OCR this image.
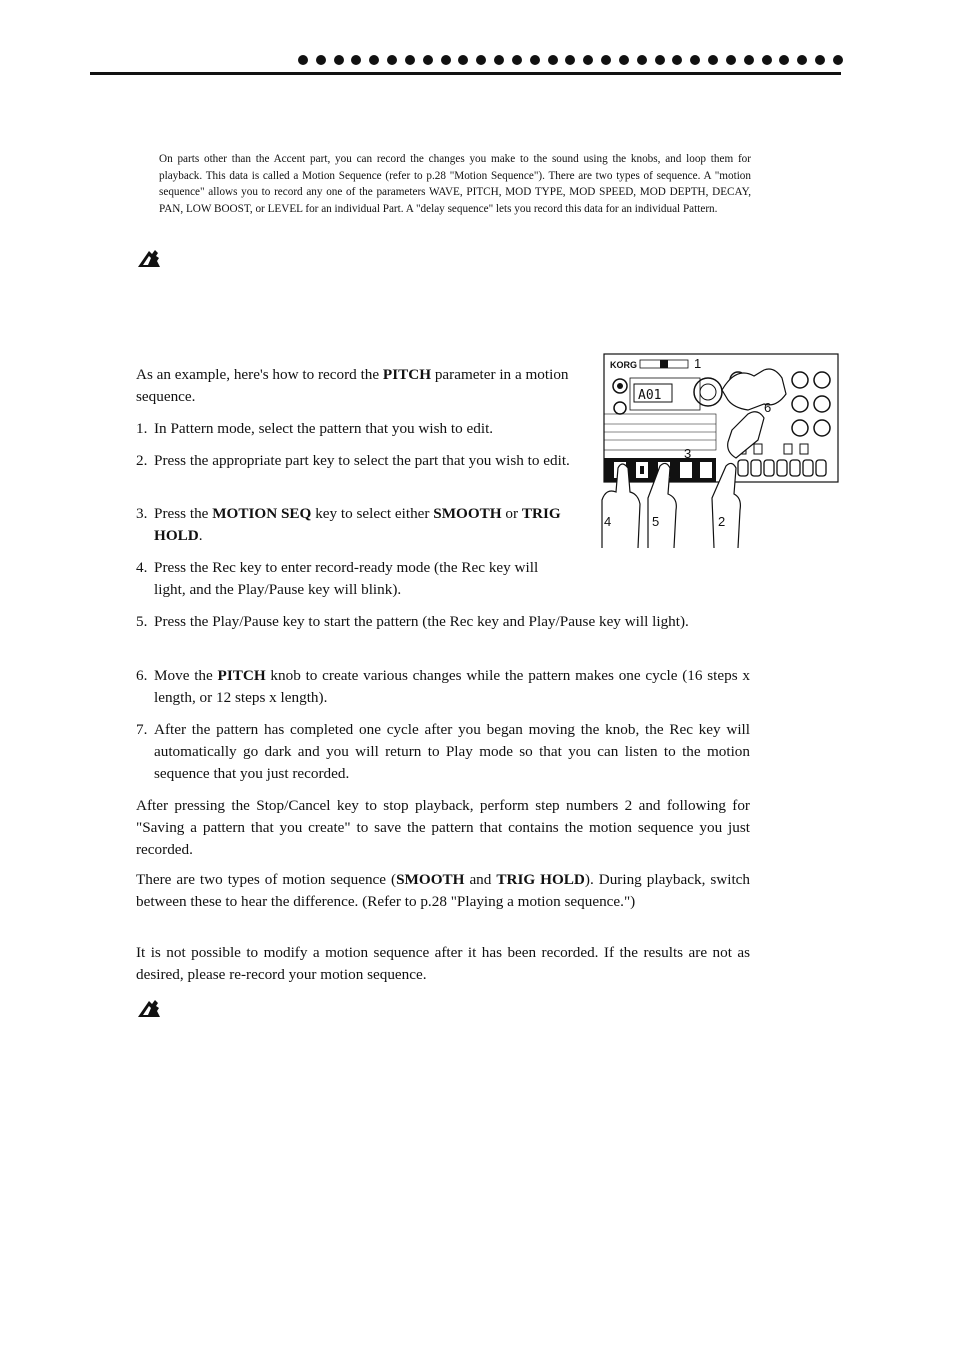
On parts other than the Accent part, you can record the changes you make to the sound using the knobs, and loop them for playback. This data is called a Motion Sequence (refer to p.28 "Motion Sequence"). There are two types of sequence. A "motion sequence" allows you to record any one of the parameters WAVE, PITCH, MOD TYPE, MOD SPEED, MOD DEPTH, DECAY, PAN, LOW BOOST, or LEVEL for an individual Part. A "delay sequence" lets you record this data for an individual Pattern.

As an example, here's how to record the PITCH parameter in a motion sequence.

1. In Pattern mode, select the pattern that you wish to edit.
2. Press the appropriate part key to select the part that you wish to edit.
3. Press the MOTION SEQ key to select either SMOOTH or TRIG HOLD.
4. Press the Rec key to enter record-ready mode (the Rec key will light, and the Play/Pause key will blink).
5. Press the Play/Pause key to start the pattern (the Rec key and Play/Pause key will light).
6. Move the PITCH knob to create various changes while the pattern makes one cycle (16 steps x length, or 12 steps x length).
7. After the pattern has completed one cycle after you began moving the knob, the Rec key will automatically go dark and you will return to Play mode so that you can listen to the motion sequence that you just recorded.

After pressing the Stop/Cancel key to stop playback, perform step numbers 2 and following for "Saving a pattern that you create" to save the pattern that contains the motion sequence you just recorded.

There are two types of motion sequence (SMOOTH and TRIG HOLD). During playback, switch between these to hear the difference. (Refer to p.28 "Playing a motion sequence.")

It is not possible to modify a motion sequence after it has been recorded. If the results are not as desired, please re-record your motion sequence.

KORG
A01
1
6
3
4	5	2
